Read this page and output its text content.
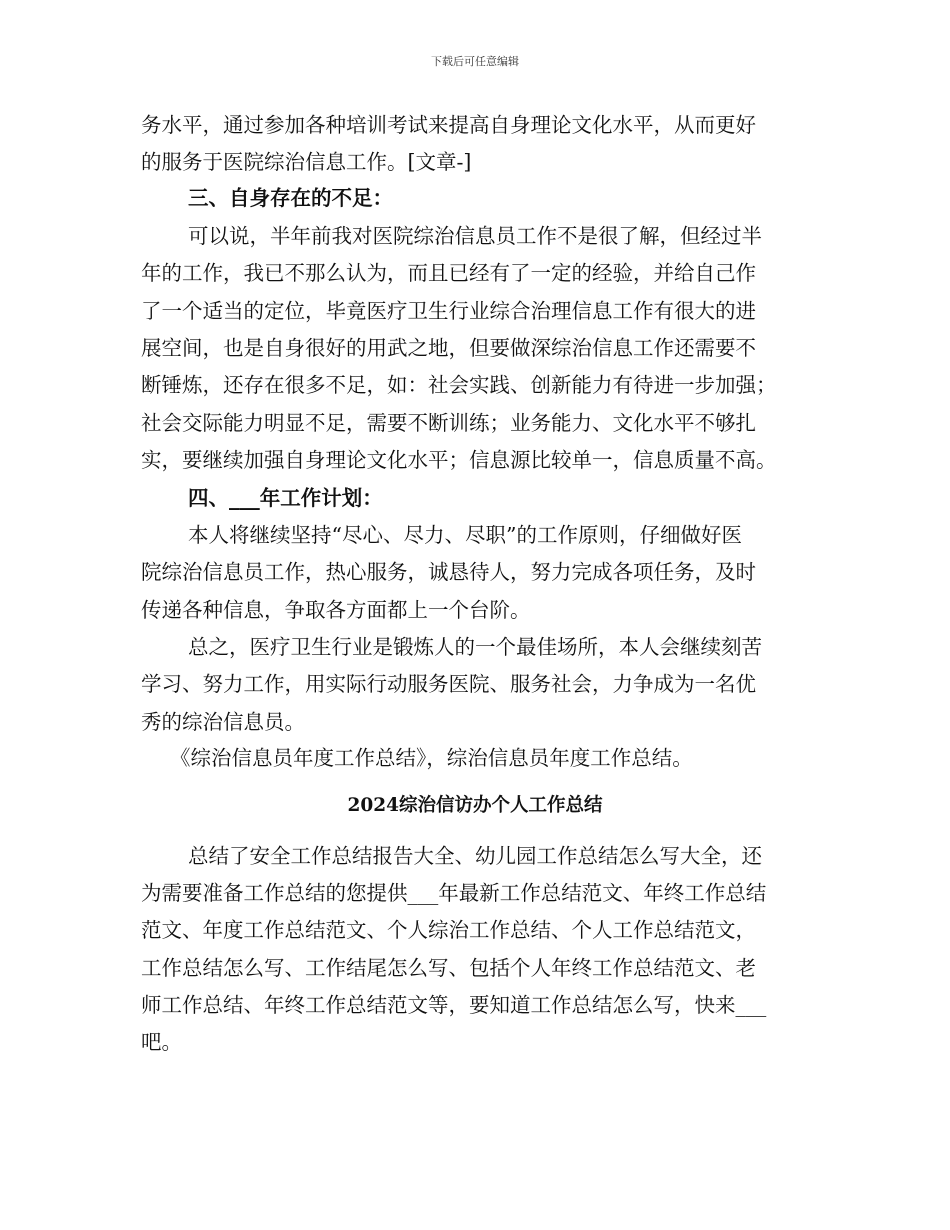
下载后可任意编辑
务水平，通过参加各种培训考试来提高自身理论文化水平，从而更好
的服务于医院综治信息工作。[文章-]
三、自身存在的不足：
可以说，半年前我对医院综治信息员工作不是很了解，但经过半
年的工作，我已不那么认为，而且已经有了一定的经验，并给自己作
了一个适当的定位，毕竟医疗卫生行业综合治理信息工作有很大的进
展空间，也是自身很好的用武之地，但要做深综治信息工作还需要不
断锤炼，还存在很多不足，如：社会实践、创新能力有待进一步加强；
社会交际能力明显不足，需要不断训练；业务能力、文化水平不够扎
实，要继续加强自身理论文化水平；信息源比较单一，信息质量不高。
四、___年工作计划：
本人将继续坚持“尽心、尽力、尽职”的工作原则，仔细做好医
院综治信息员工作，热心服务，诚恳待人，努力完成各项任务，及时
传递各种信息，争取各方面都上一个台阶。
总之，医疗卫生行业是锻炼人的一个最佳场所，本人会继续刻苦
学习、努力工作，用实际行动服务医院、服务社会，力争成为一名优
秀的综治信息员。
《综治信息员年度工作总结》，综治信息员年度工作总结。
2024综治信访办个人工作总结
总结了安全工作总结报告大全、幼儿园工作总结怎么写大全，还
为需要准备工作总结的您提供___年最新工作总结范文、年终工作总结
范文、年度工作总结范文、个人综治工作总结、个人工作总结范文，
工作总结怎么写、工作结尾怎么写、包括个人年终工作总结范文、老
师工作总结、年终工作总结范文等，要知道工作总结怎么写，快来___
吧。
